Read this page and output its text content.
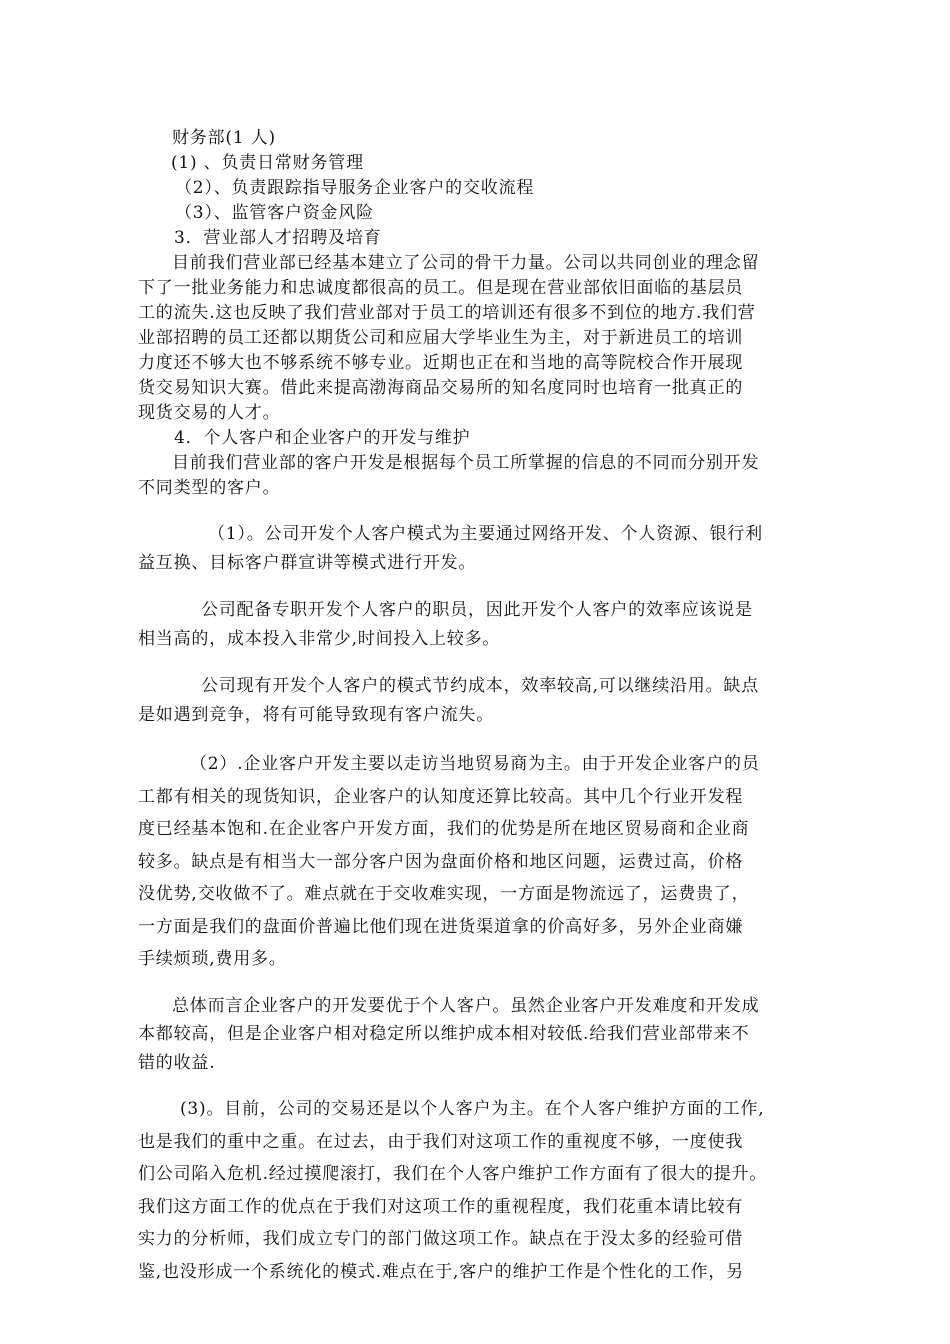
财务部(1 人)
(1) 、负责日常财务管理
（2）、负责跟踪指导服务企业客户的交收流程
（3）、监管客户资金风险
3．营业部人才招聘及培育
目前我们营业部已经基本建立了公司的骨干力量。公司以共同创业的理念留
下了一批业务能力和忠诚度都很高的员工。但是现在营业部依旧面临的基层员
工的流失.这也反映了我们营业部对于员工的培训还有很多不到位的地方.我们营
业部招聘的员工还都以期货公司和应届大学毕业生为主，对于新进员工的培训
力度还不够大也不够系统不够专业。近期也正在和当地的高等院校合作开展现
货交易知识大赛。借此来提高渤海商品交易所的知名度同时也培育一批真正的
现货交易的人才。
4．个人客户和企业客户的开发与维护
目前我们营业部的客户开发是根据每个员工所掌握的信息的不同而分别开发
不同类型的客户。
（1）。公司开发个人客户模式为主要通过网络开发、个人资源、银行利
益互换、目标客户群宣讲等模式进行开发。
公司配备专职开发个人客户的职员，因此开发个人客户的效率应该说是
相当高的，成本投入非常少,时间投入上较多。
公司现有开发个人客户的模式节约成本，效率较高,可以继续沿用。缺点
是如遇到竞争，将有可能导致现有客户流失。
（2）.企业客户开发主要以走访当地贸易商为主。由于开发企业客户的员
工都有相关的现货知识，企业客户的认知度还算比较高。其中几个行业开发程
度已经基本饱和.在企业客户开发方面，我们的优势是所在地区贸易商和企业商
较多。缺点是有相当大一部分客户因为盘面价格和地区问题，运费过高，价格
没优势,交收做不了。难点就在于交收难实现，一方面是物流远了，运费贵了，
一方面是我们的盘面价普遍比他们现在进货渠道拿的价高好多，另外企业商嫌
手续烦琐,费用多。
总体而言企业客户的开发要优于个人客户。虽然企业客户开发难度和开发成
本都较高，但是企业客户相对稳定所以维护成本相对较低.给我们营业部带来不
错的收益.
(3)。目前，公司的交易还是以个人客户为主。在个人客户维护方面的工作,
也是我们的重中之重。在过去，由于我们对这项工作的重视度不够，一度使我
们公司陷入危机.经过摸爬滚打，我们在个人客户维护工作方面有了很大的提升。
我们这方面工作的优点在于我们对这项工作的重视程度，我们花重本请比较有
实力的分析师，我们成立专门的部门做这项工作。缺点在于没太多的经验可借
鉴,也没形成一个系统化的模式.难点在于,客户的维护工作是个性化的工作，另
